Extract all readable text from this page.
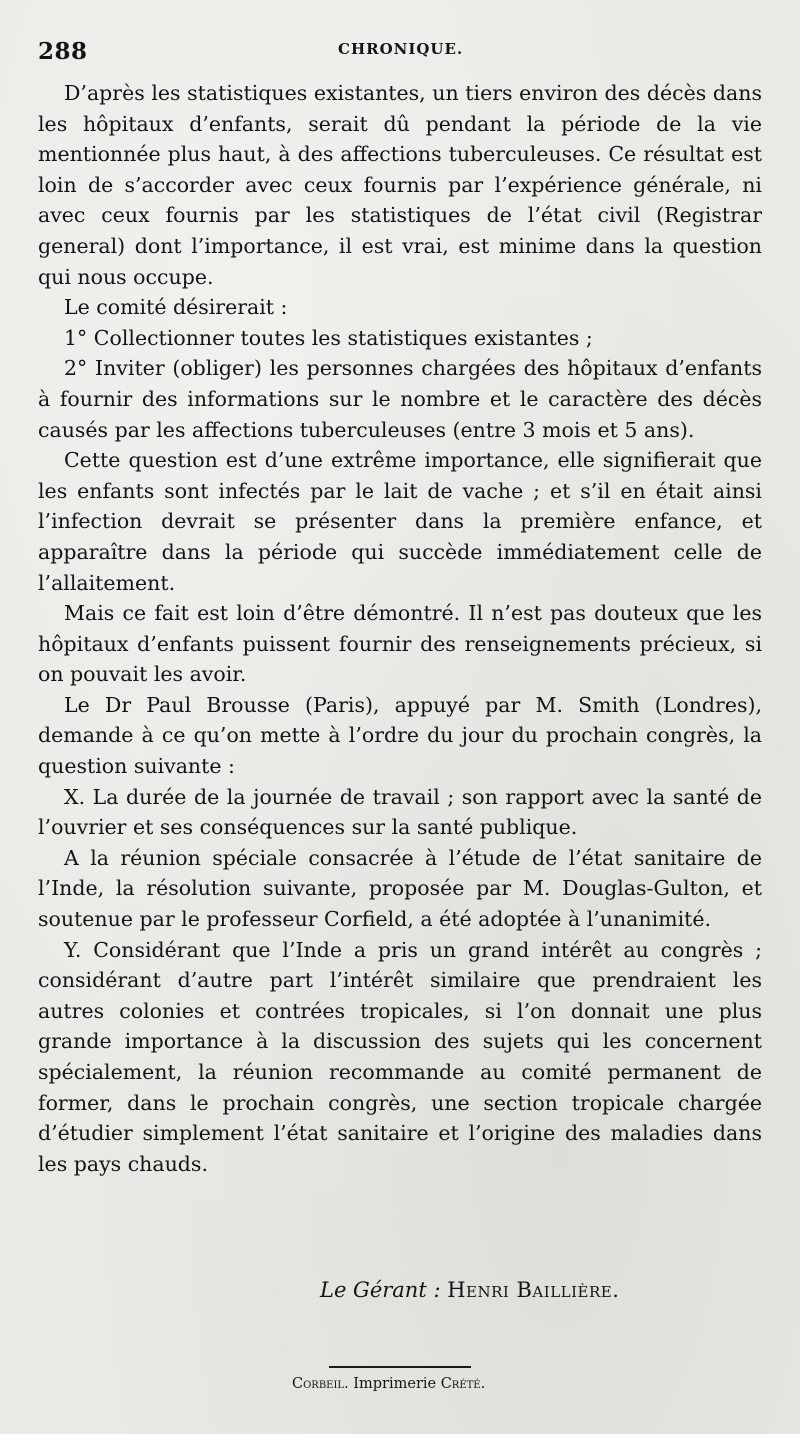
288	CHRONIQUE.

D’après les statistiques existantes, un tiers environ des décès dans les hôpitaux d’enfants, serait dû pendant la période de la vie mentionnée plus haut, à des affections tuberculeuses. Ce résultat est loin de s’accorder avec ceux fournis par l’expérience générale, ni avec ceux fournis par les statistiques de l’état civil (Registrar general) dont l’importance, il est vrai, est minime dans la question qui nous occupe.

Le comité désirerait :

1° Collectionner toutes les statistiques existantes ;

2° Inviter (obliger) les personnes chargées des hôpitaux d’enfants à fournir des informations sur le nombre et le caractère des décès causés par les affections tuberculeuses (entre 3 mois et 5 ans).

Cette question est d’une extrême importance, elle signifierait que les enfants sont infectés par le lait de vache ; et s’il en était ainsi l’infection devrait se présenter dans la première enfance, et apparaître dans la période qui succède immédiatement celle de l’allaitement.

Mais ce fait est loin d’être démontré. Il n’est pas douteux que les hôpitaux d’enfants puissent fournir des renseignements précieux, si on pouvait les avoir.

Le Dr Paul Brousse (Paris), appuyé par M. Smith (Londres), demande à ce qu’on mette à l’ordre du jour du prochain congrès, la question suivante :

X. La durée de la journée de travail ; son rapport avec la santé de l’ouvrier et ses conséquences sur la santé publique.

A la réunion spéciale consacrée à l’étude de l’état sanitaire de l’Inde, la résolution suivante, proposée par M. Douglas-Gulton, et soutenue par le professeur Corfield, a été adoptée à l’unanimité.

Y. Considérant que l’Inde a pris un grand intérêt au congrès ; considérant d’autre part l’intérêt similaire que prendraient les autres colonies et contrées tropicales, si l’on donnait une plus grande importance à la discussion des sujets qui les concernent spécialement, la réunion recommande au comité permanent de former, dans le prochain congrès, une section tropicale chargée d’étudier simplement l’état sanitaire et l’origine des maladies dans les pays chauds.

Le Gérant : Henri Baillière.
Corbeil. Imprimerie Crété.
